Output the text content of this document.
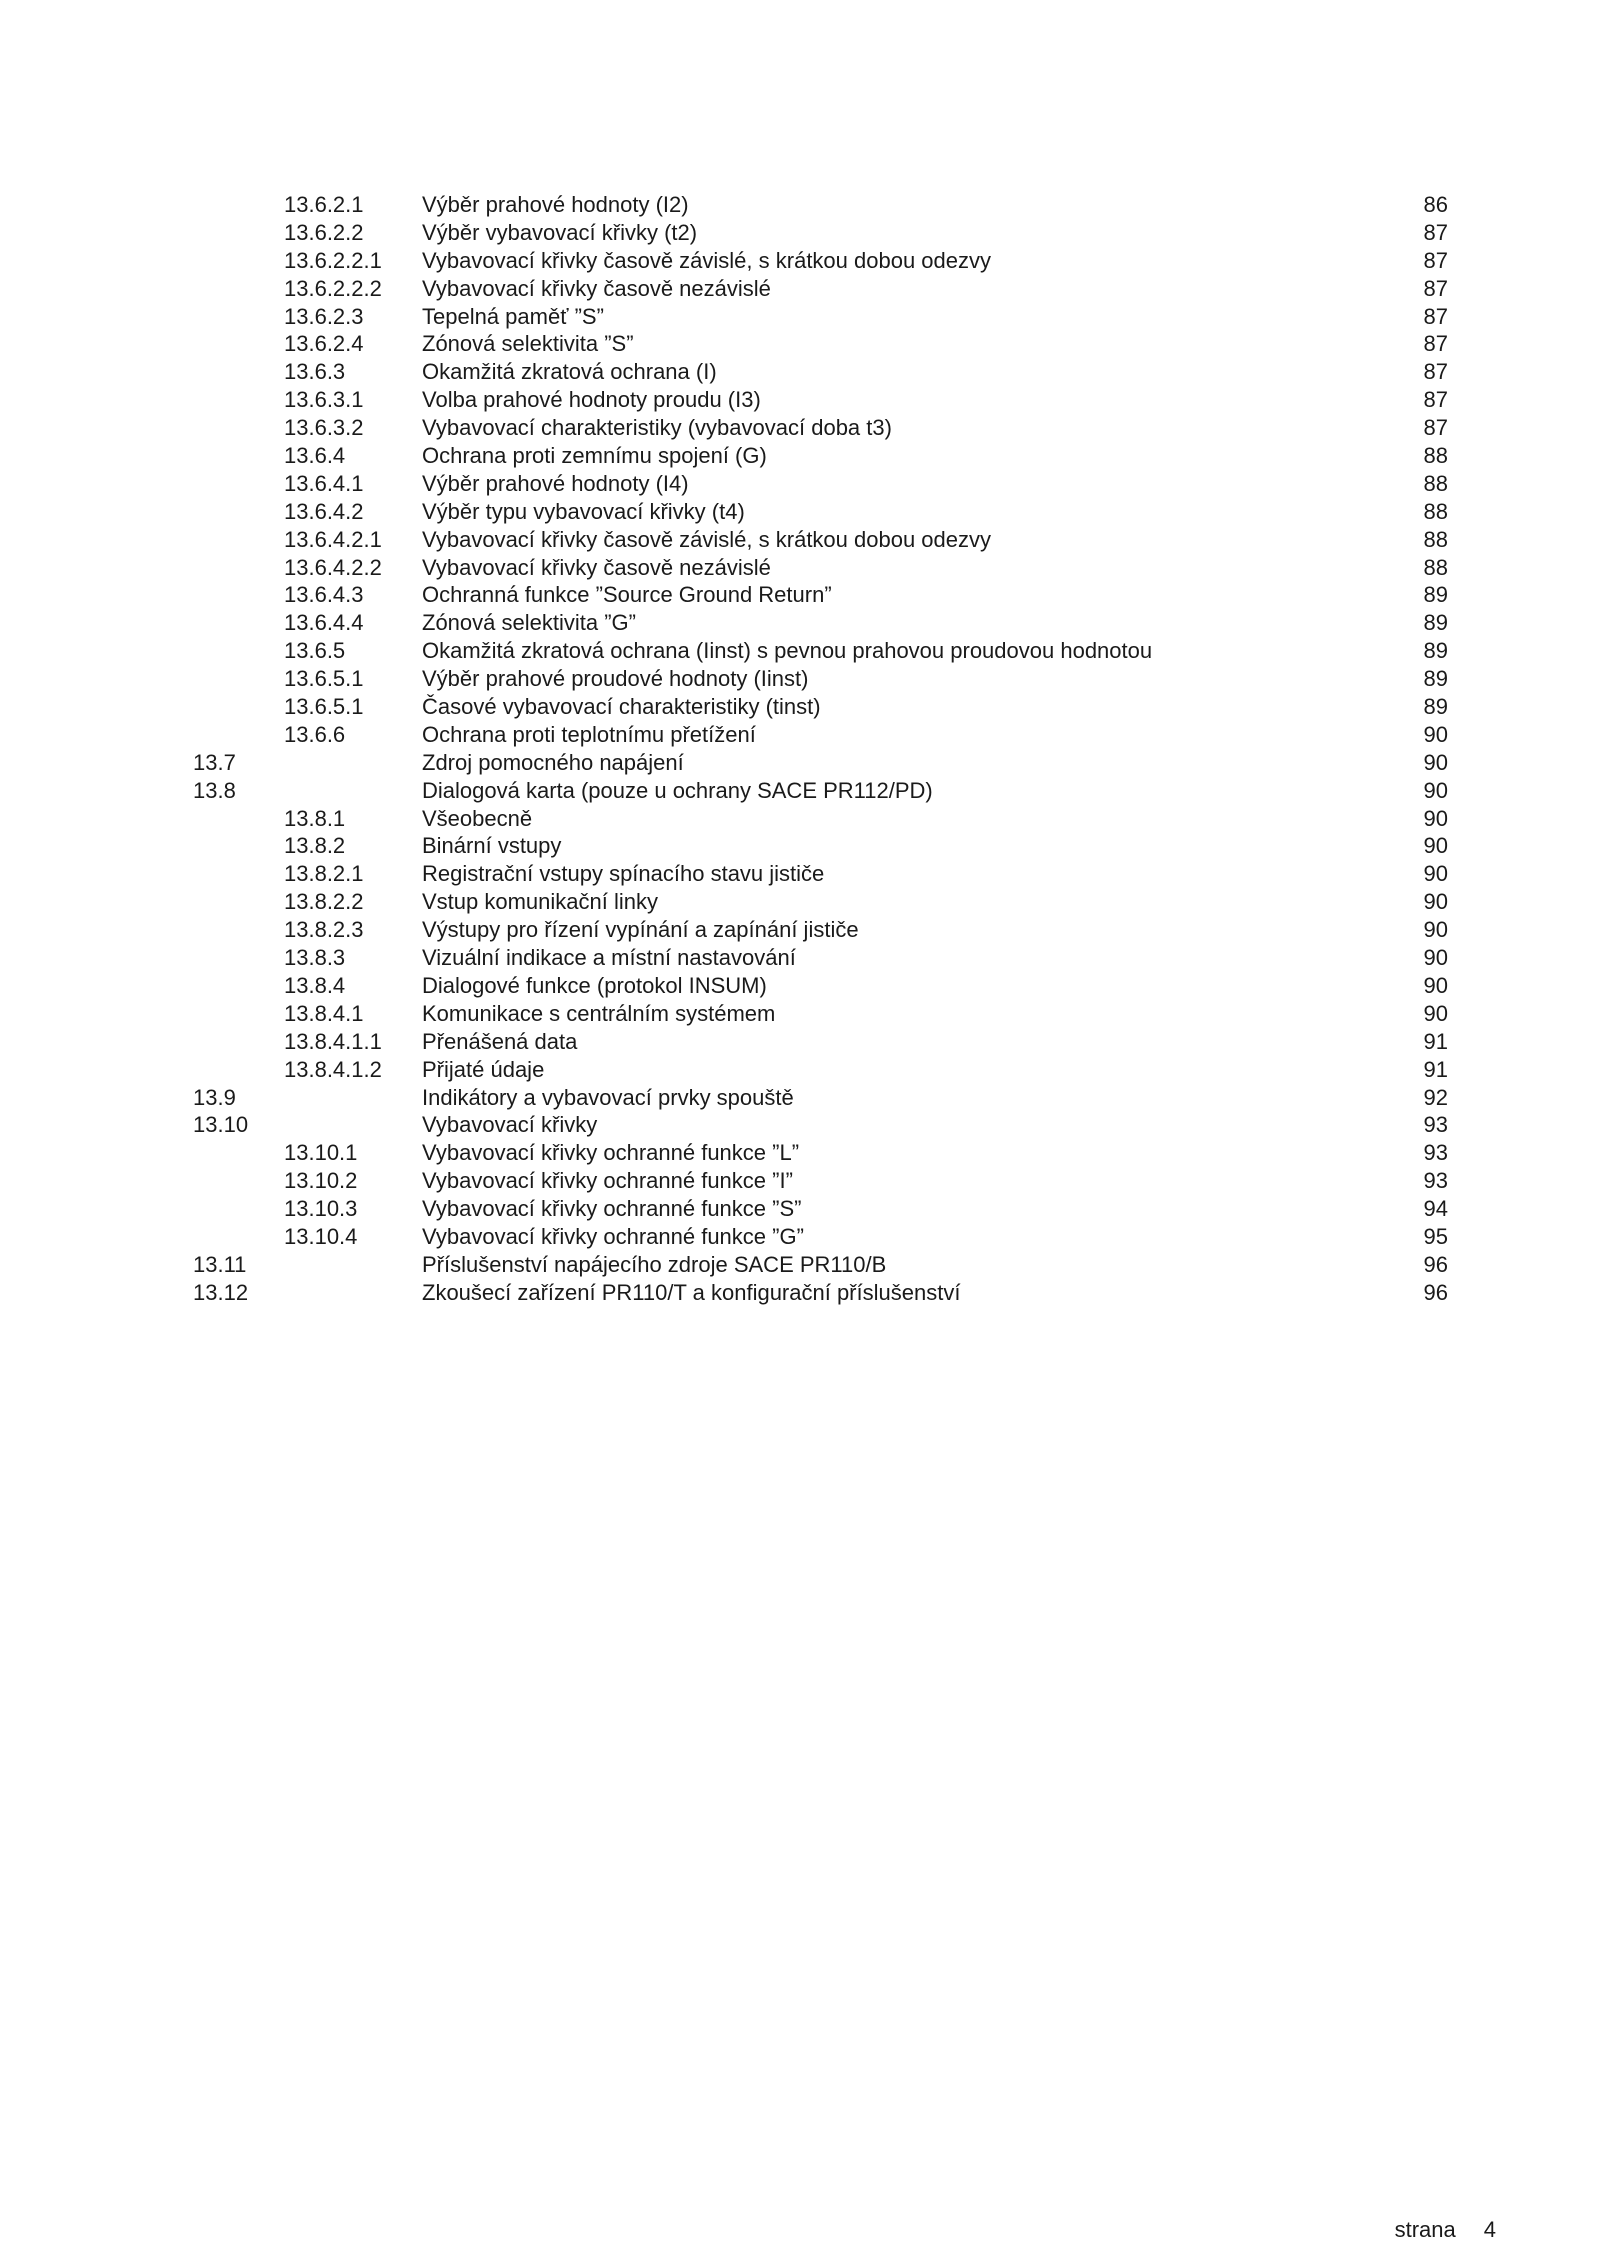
13.6.2.1	Výběr prahové hodnoty (I2)	86
13.6.2.2	Výběr vybavovací křivky (t2)	87
13.6.2.2.1 Vybavovací křivky časově závislé, s krátkou dobou odezvy	87
13.6.2.2.2 Vybavovací křivky časově nezávislé	87
13.6.2.3	Tepelná paměť ”S”	87
13.6.2.4	Zónová selektivita ”S”	87
13.6.3	Okamžitá zkratová ochrana (I)	87
13.6.3.1	Volba prahové hodnoty proudu (I3)	87
13.6.3.2	Vybavovací charakteristiky (vybavovací doba t3)	87
13.6.4	Ochrana proti zemnímu spojení (G)	88
13.6.4.1	Výběr prahové hodnoty (I4)	88
13.6.4.2	Výběr typu vybavovací křivky (t4)	88
13.6.4.2.1 Vybavovací křivky časově závislé, s krátkou dobou odezvy	88
13.6.4.2.2 Vybavovací křivky časově nezávislé	88
13.6.4.3	Ochranná funkce ”Source Ground Return”	89
13.6.4.4	Zónová selektivita ”G”	89
13.6.5	Okamžitá zkratová ochrana (Iinst) s pevnou prahovou proudovou hodnotou	89
13.6.5.1	Výběr prahové proudové hodnoty (Iinst)	89
13.6.5.1	Časové vybavovací charakteristiky (tinst)	89
13.6.6	Ochrana proti teplotnímu přetížení	90
13.7	Zdroj pomocného napájení	90
13.8	Dialogová karta (pouze u ochrany SACE PR112/PD)	90
13.8.1	Všeobecně	90
13.8.2	Binární vstupy	90
13.8.2.1	Registrační vstupy spínacího stavu jističe	90
13.8.2.2	Vstup komunikační linky	90
13.8.2.3	Výstupy pro řízení vypínání a zapínání jističe	90
13.8.3	Vizuální indikace a místní nastavování	90
13.8.4	Dialogové funkce (protokol INSUM)	90
13.8.4.1	Komunikace s centrálním systémem	90
13.8.4.1.1 Přenášená data	91
13.8.4.1.2 Přijaté údaje	91
13.9	Indikátory a vybavovací prvky spouště	92
13.10	Vybavovací křivky	93
13.10.1	Vybavovací křivky ochranné funkce ”L”	93
13.10.2	Vybavovací křivky ochranné funkce ”I”	93
13.10.3	Vybavovací křivky ochranné funkce ”S”	94
13.10.4	Vybavovací křivky ochranné funkce ”G”	95
13.11	Příslušenství napájecího zdroje SACE PR110/B	96
13.12	Zkoušecí zařízení PR110/T a konfigurační příslušenství	96
strana 4
